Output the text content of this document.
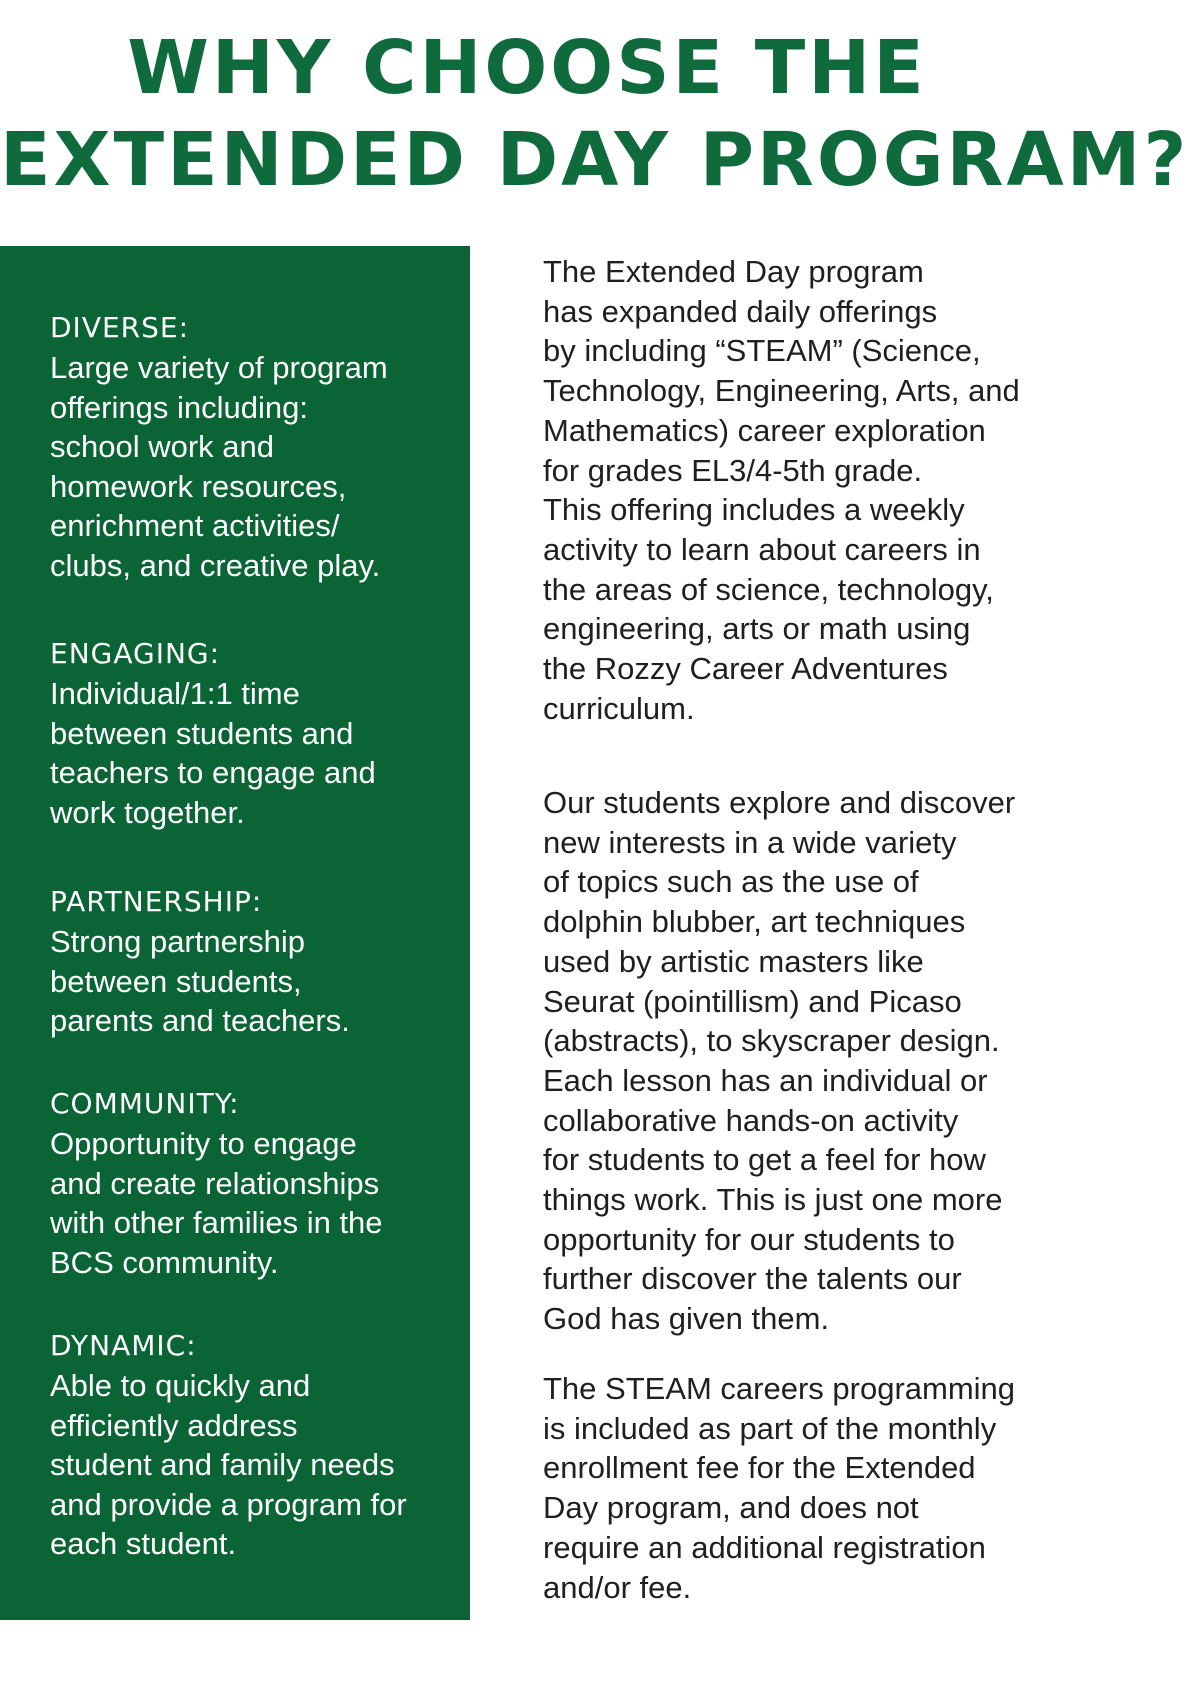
WHY CHOOSE THE
EXTENDED DAY PROGRAM?
DIVERSE:
Large variety of program
offerings including:
school work and
homework resources,
enrichment activities/
clubs, and creative play.
ENGAGING:
Individual/1:1 time
between students and
teachers to engage and
work together.
PARTNERSHIP:
Strong partnership
between students,
parents and teachers.
COMMUNITY:
Opportunity to engage
and create relationships
with other families in the
BCS community.
DYNAMIC:
Able to quickly and
efficiently address
student and family needs
and provide a program for
each student.
The Extended Day program
has expanded daily offerings
by including “STEAM” (Science,
Technology, Engineering, Arts, and
Mathematics) career exploration
for grades EL3/4-5th grade.
This offering includes a weekly
activity to learn about careers in
the areas of science, technology,
engineering, arts or math using
the Rozzy Career Adventures
curriculum.
Our students explore and discover
new interests in a wide variety
of topics such as the use of
dolphin blubber, art techniques
used by artistic masters like
Seurat (pointillism) and Picaso
(abstracts), to skyscraper design.
Each lesson has an individual or
collaborative hands-on activity
for students to get a feel for how
things work. This is just one more
opportunity for our students to
further discover the talents our
God has given them.
The STEAM careers programming
is included as part of the monthly
enrollment fee for the Extended
Day program, and does not
require an additional registration
and/or fee.
